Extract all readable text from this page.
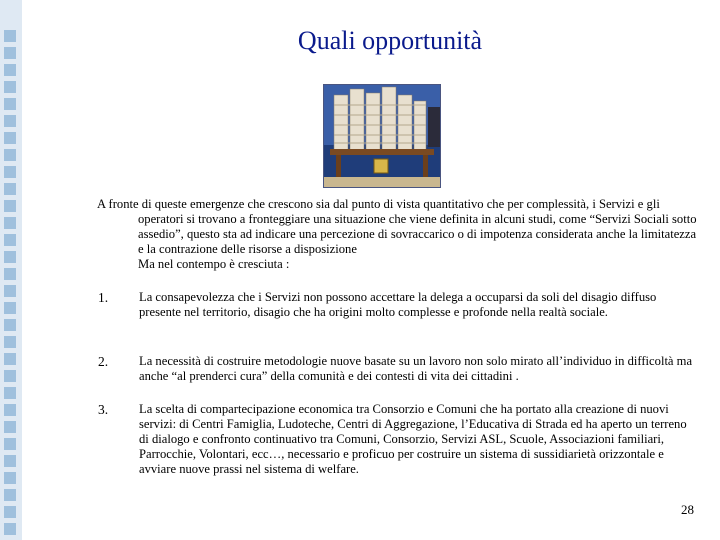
Quali opportunità

A fronte di queste emergenze che crescono sia dal punto di vista quantitativo che per complessità, i Servizi e gli operatori si trovano a fronteggiare una situazione che viene definita in alcuni studi, come “Servizi Sociali sotto assedio”, questo sta ad indicare una percezione di sovraccarico o di impotenza considerata anche la limitatezza e la contrazione delle risorse a disposizione

Ma nel contempo è cresciuta :

1. La consapevolezza che i Servizi non possono accettare la delega a occuparsi da soli del disagio diffuso presente nel territorio, disagio che ha origini molto complesse e profonde nella realtà sociale.
2. La necessità di costruire metodologie nuove basate su un lavoro non solo mirato all’individuo in difficoltà ma anche “al prenderci cura” della comunità e dei contesti di vita dei cittadini .
3. La scelta di compartecipazione economica tra Consorzio e Comuni che ha portato alla creazione di nuovi servizi: di Centri Famiglia, Ludoteche, Centri di Aggregazione, l’Educativa di Strada ed ha aperto un terreno di dialogo e confronto continuativo tra Comuni, Consorzio, Servizi ASL, Scuole, Associazioni familiari, Parrocchie, Volontari, ecc…, necessario e proficuo per costruire un sistema di sussidiarietà orizzontale e avviare nuove prassi nel sistema di welfare.
28
